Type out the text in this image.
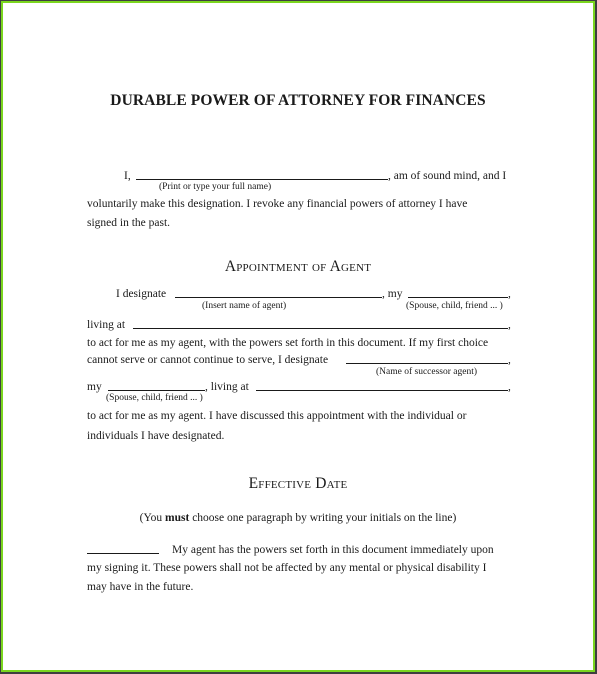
DURABLE POWER OF ATTORNEY FOR FINANCES
I,	, am of sound mind, and I
(Print or type your full name)
voluntarily make this designation. I revoke any financial powers of attorney I have
signed in the past.
Appointment of Agent
I designate	, my	,
(Insert name of agent)	(Spouse, child, friend ... )
living at	,
to act for me as my agent, with the powers set forth in this document. If my first choice
cannot serve or cannot continue to serve, I designate	,
(Name of successor agent)
my	, living at	,
(Spouse, child, friend ... )
to act for me as my agent. I have discussed this appointment with the individual or
individuals I have designated.
Effective Date
(You must choose one paragraph by writing your initials on the line)
My agent has the powers set forth in this document immediately upon
my signing it. These powers shall not be affected by any mental or physical disability I
may have in the future.
